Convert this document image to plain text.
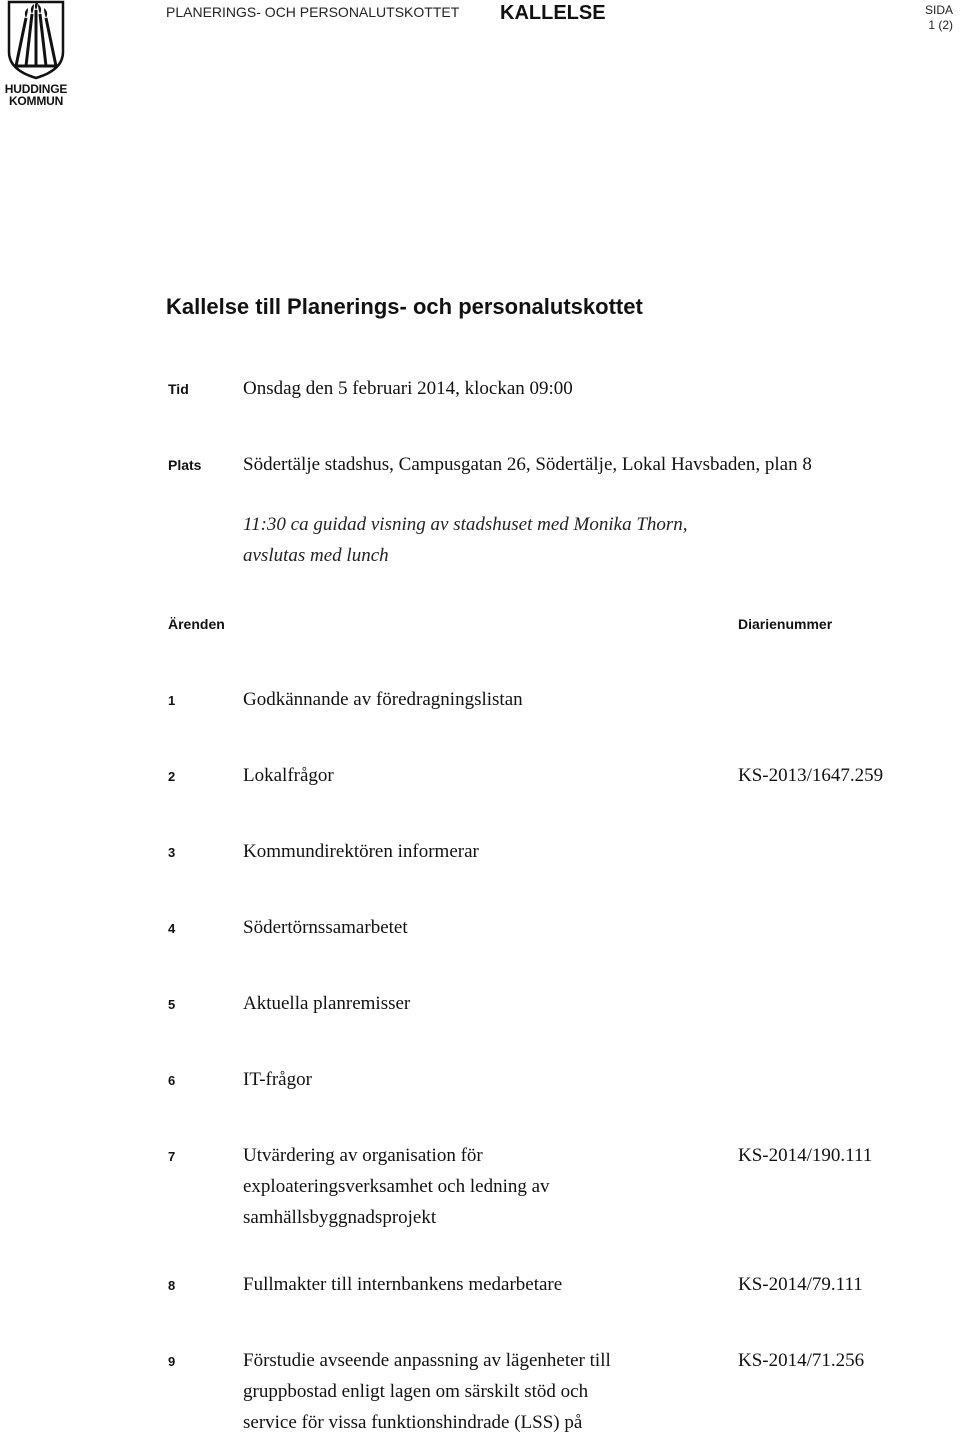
HUDDINGE
KOMMUN
PLANERINGS- OCH PERSONALUTSKOTTET KALLELSE	SIDA
1 (2)
Kallelse till Planerings- och personalutskottet
Tid	Onsdag den 5 februari 2014, klockan 09:00
Plats Södertälje stadshus, Campusgatan 26, Södertälje, Lokal Havsbaden, plan 8
11:30 ca guidad visning av stadshuset med Monika Thorn,
avslutas med lunch
Ärenden	Diarienummer
1	Godkännande av föredragningslistan
2	Lokalfrågor	KS-2013/1647.259
3	Kommundirektören informerar
4	Södertörnssamarbetet
5	Aktuella planremisser
6	IT-frågor
7	Utvärdering av organisation för
exploateringsverksamhet och ledning av
samhällsbyggnadsprojekt
KS-2014/190.111
8	Fullmakter till internbankens medarbetare	KS-2014/79.111
9	Förstudie avseende anpassning av lägenheter till
gruppbostad enligt lagen om särskilt stöd och
service för vissa funktionshindrade (LSS) på
KS-2014/71.256
